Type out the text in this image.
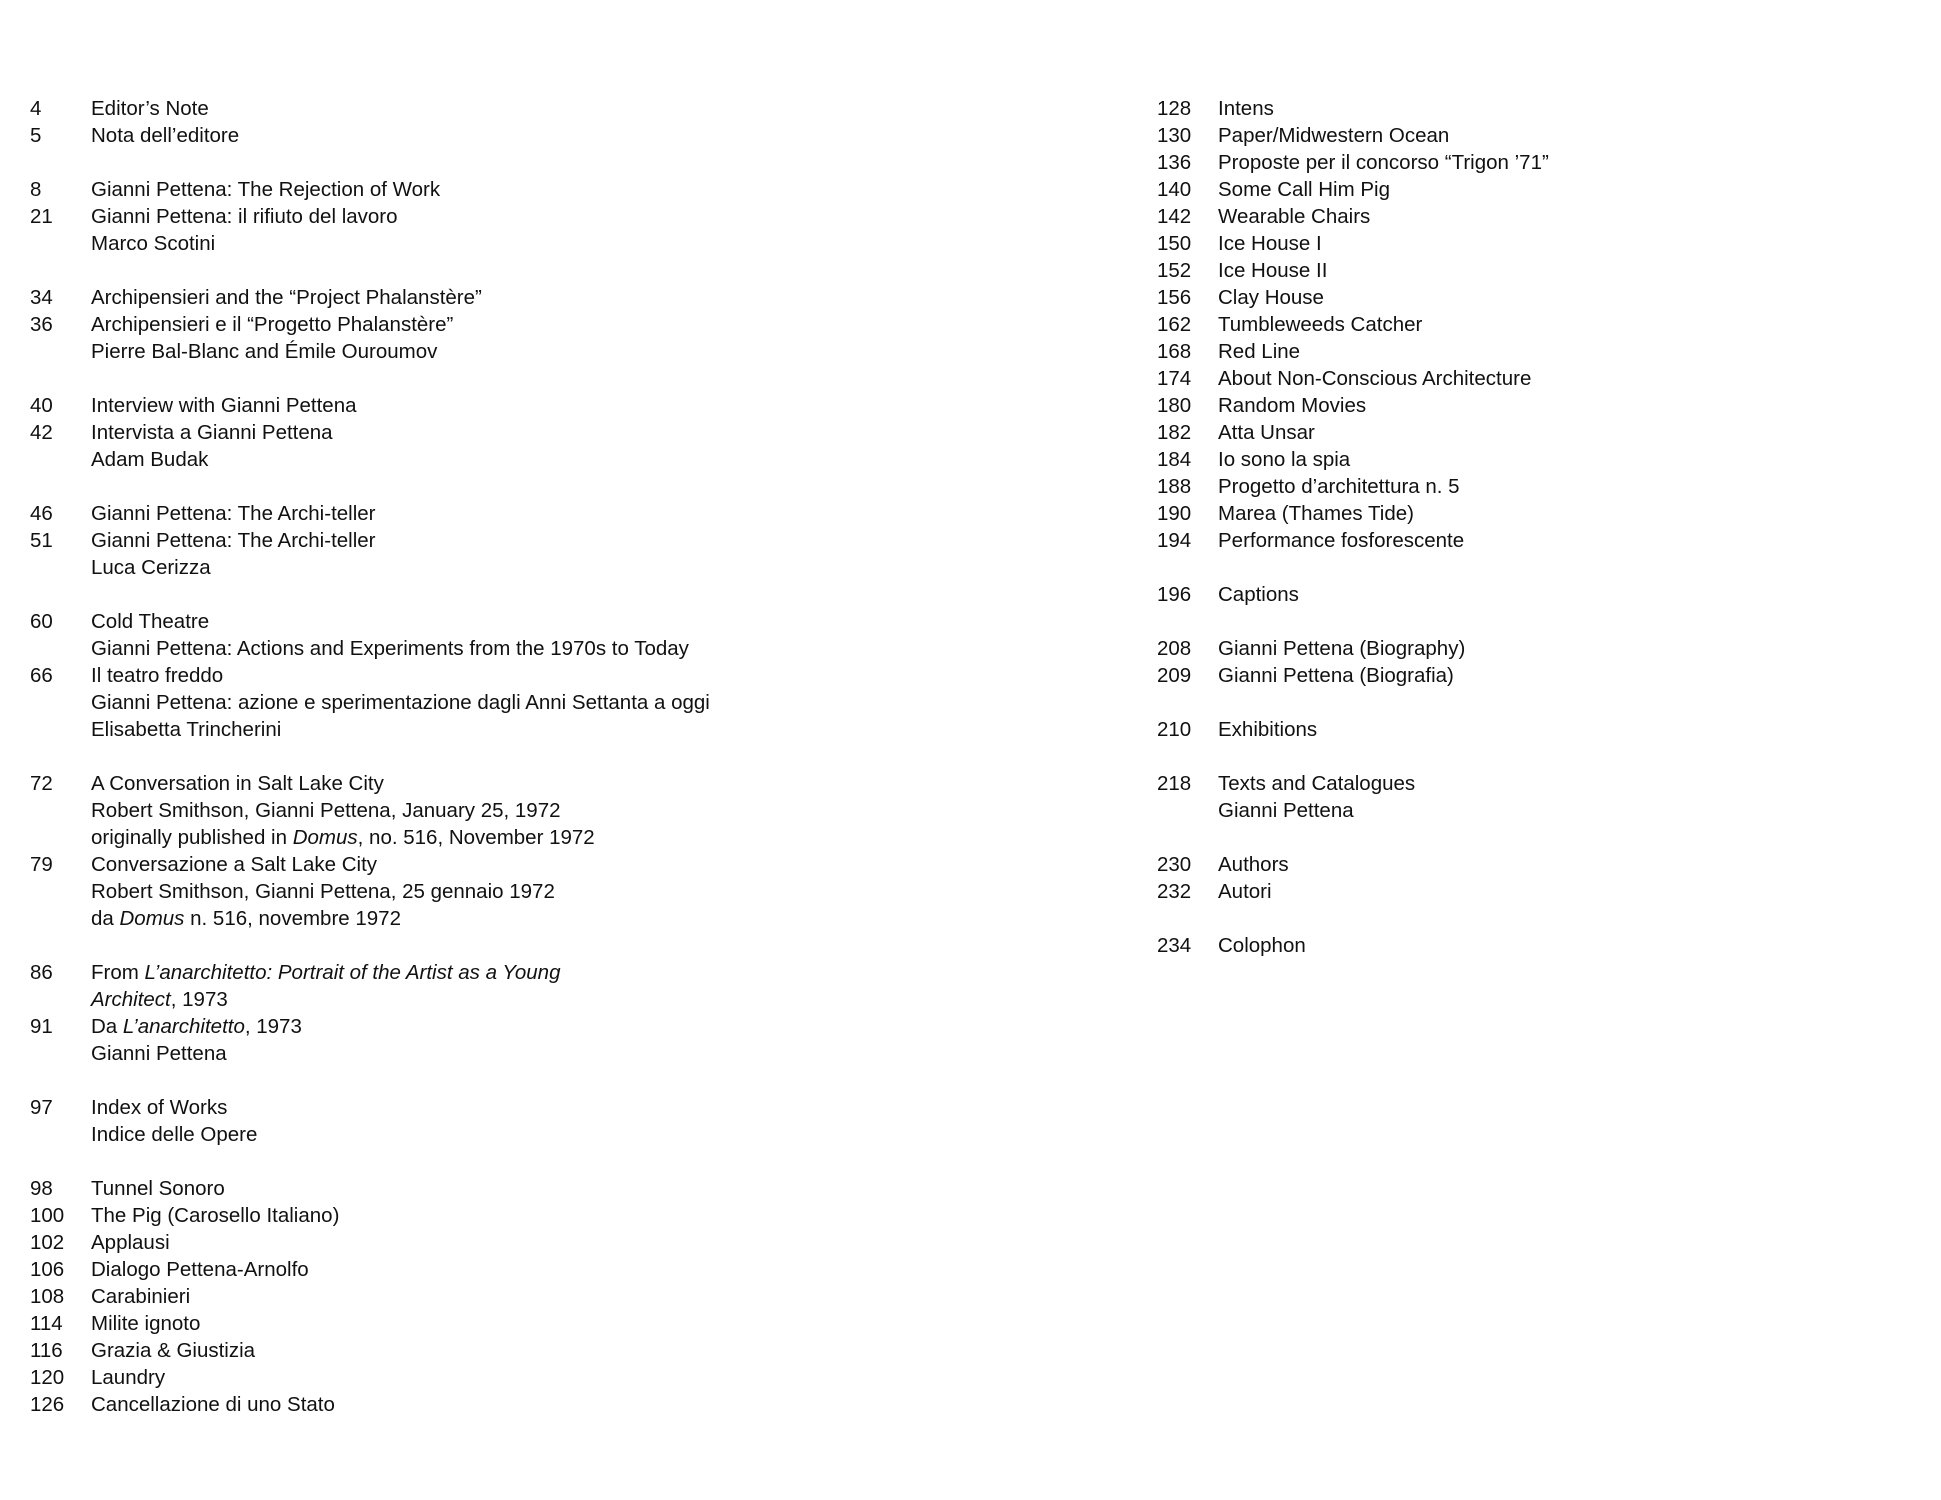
4 Editor’s Note
5 Nota dell’editore
8 Gianni Pettena: The Rejection of Work
21 Gianni Pettena: il rifiuto del lavoro
Marco Scotini
34 Archipensieri and the “Project Phalanstère”
36 Archipensieri e il “Progetto Phalanstère”
Pierre Bal-Blanc and Émile Ouroumov
40 Interview with Gianni Pettena
42 Intervista a Gianni Pettena
Adam Budak
46 Gianni Pettena: The Archi-teller
51 Gianni Pettena: The Archi-teller
Luca Cerizza
60 Cold Theatre
Gianni Pettena: Actions and Experiments from the 1970s to Today
66 Il teatro freddo
Gianni Pettena: azione e sperimentazione dagli Anni Settanta a oggi
Elisabetta Trincherini
72 A Conversation in Salt Lake City
Robert Smithson, Gianni Pettena, January 25, 1972
originally published in Domus, no. 516, November 1972
79 Conversazione a Salt Lake City
Robert Smithson, Gianni Pettena, 25 gennaio 1972
da Domus n. 516, novembre 1972
86 From L’anarchitetto: Portrait of the Artist as a Young
Architect, 1973
91 Da L’anarchitetto, 1973
Gianni Pettena
97 Index of Works
Indice delle Opere
98 Tunnel Sonoro
100 The Pig (Carosello Italiano)
102 Applausi
106 Dialogo Pettena-Arnolfo
108 Carabinieri
114 Milite ignoto
116 Grazia & Giustizia
120 Laundry
126 Cancellazione di uno Stato
128 Intens
130 Paper/Midwestern Ocean
136 Proposte per il concorso “Trigon ’71”
140 Some Call Him Pig
142 Wearable Chairs
150 Ice House I
152 Ice House II
156 Clay House
162 Tumbleweeds Catcher
168 Red Line
174 About Non-Conscious Architecture
180 Random Movies
182 Atta Unsar
184 Io sono la spia
188 Progetto d’architettura n. 5
190 Marea (Thames Tide)
194 Performance fosforescente
196 Captions
208 Gianni Pettena (Biography)
209 Gianni Pettena (Biografia)
210 Exhibitions
218 Texts and Catalogues
Gianni Pettena
230 Authors
232 Autori
234 Colophon
